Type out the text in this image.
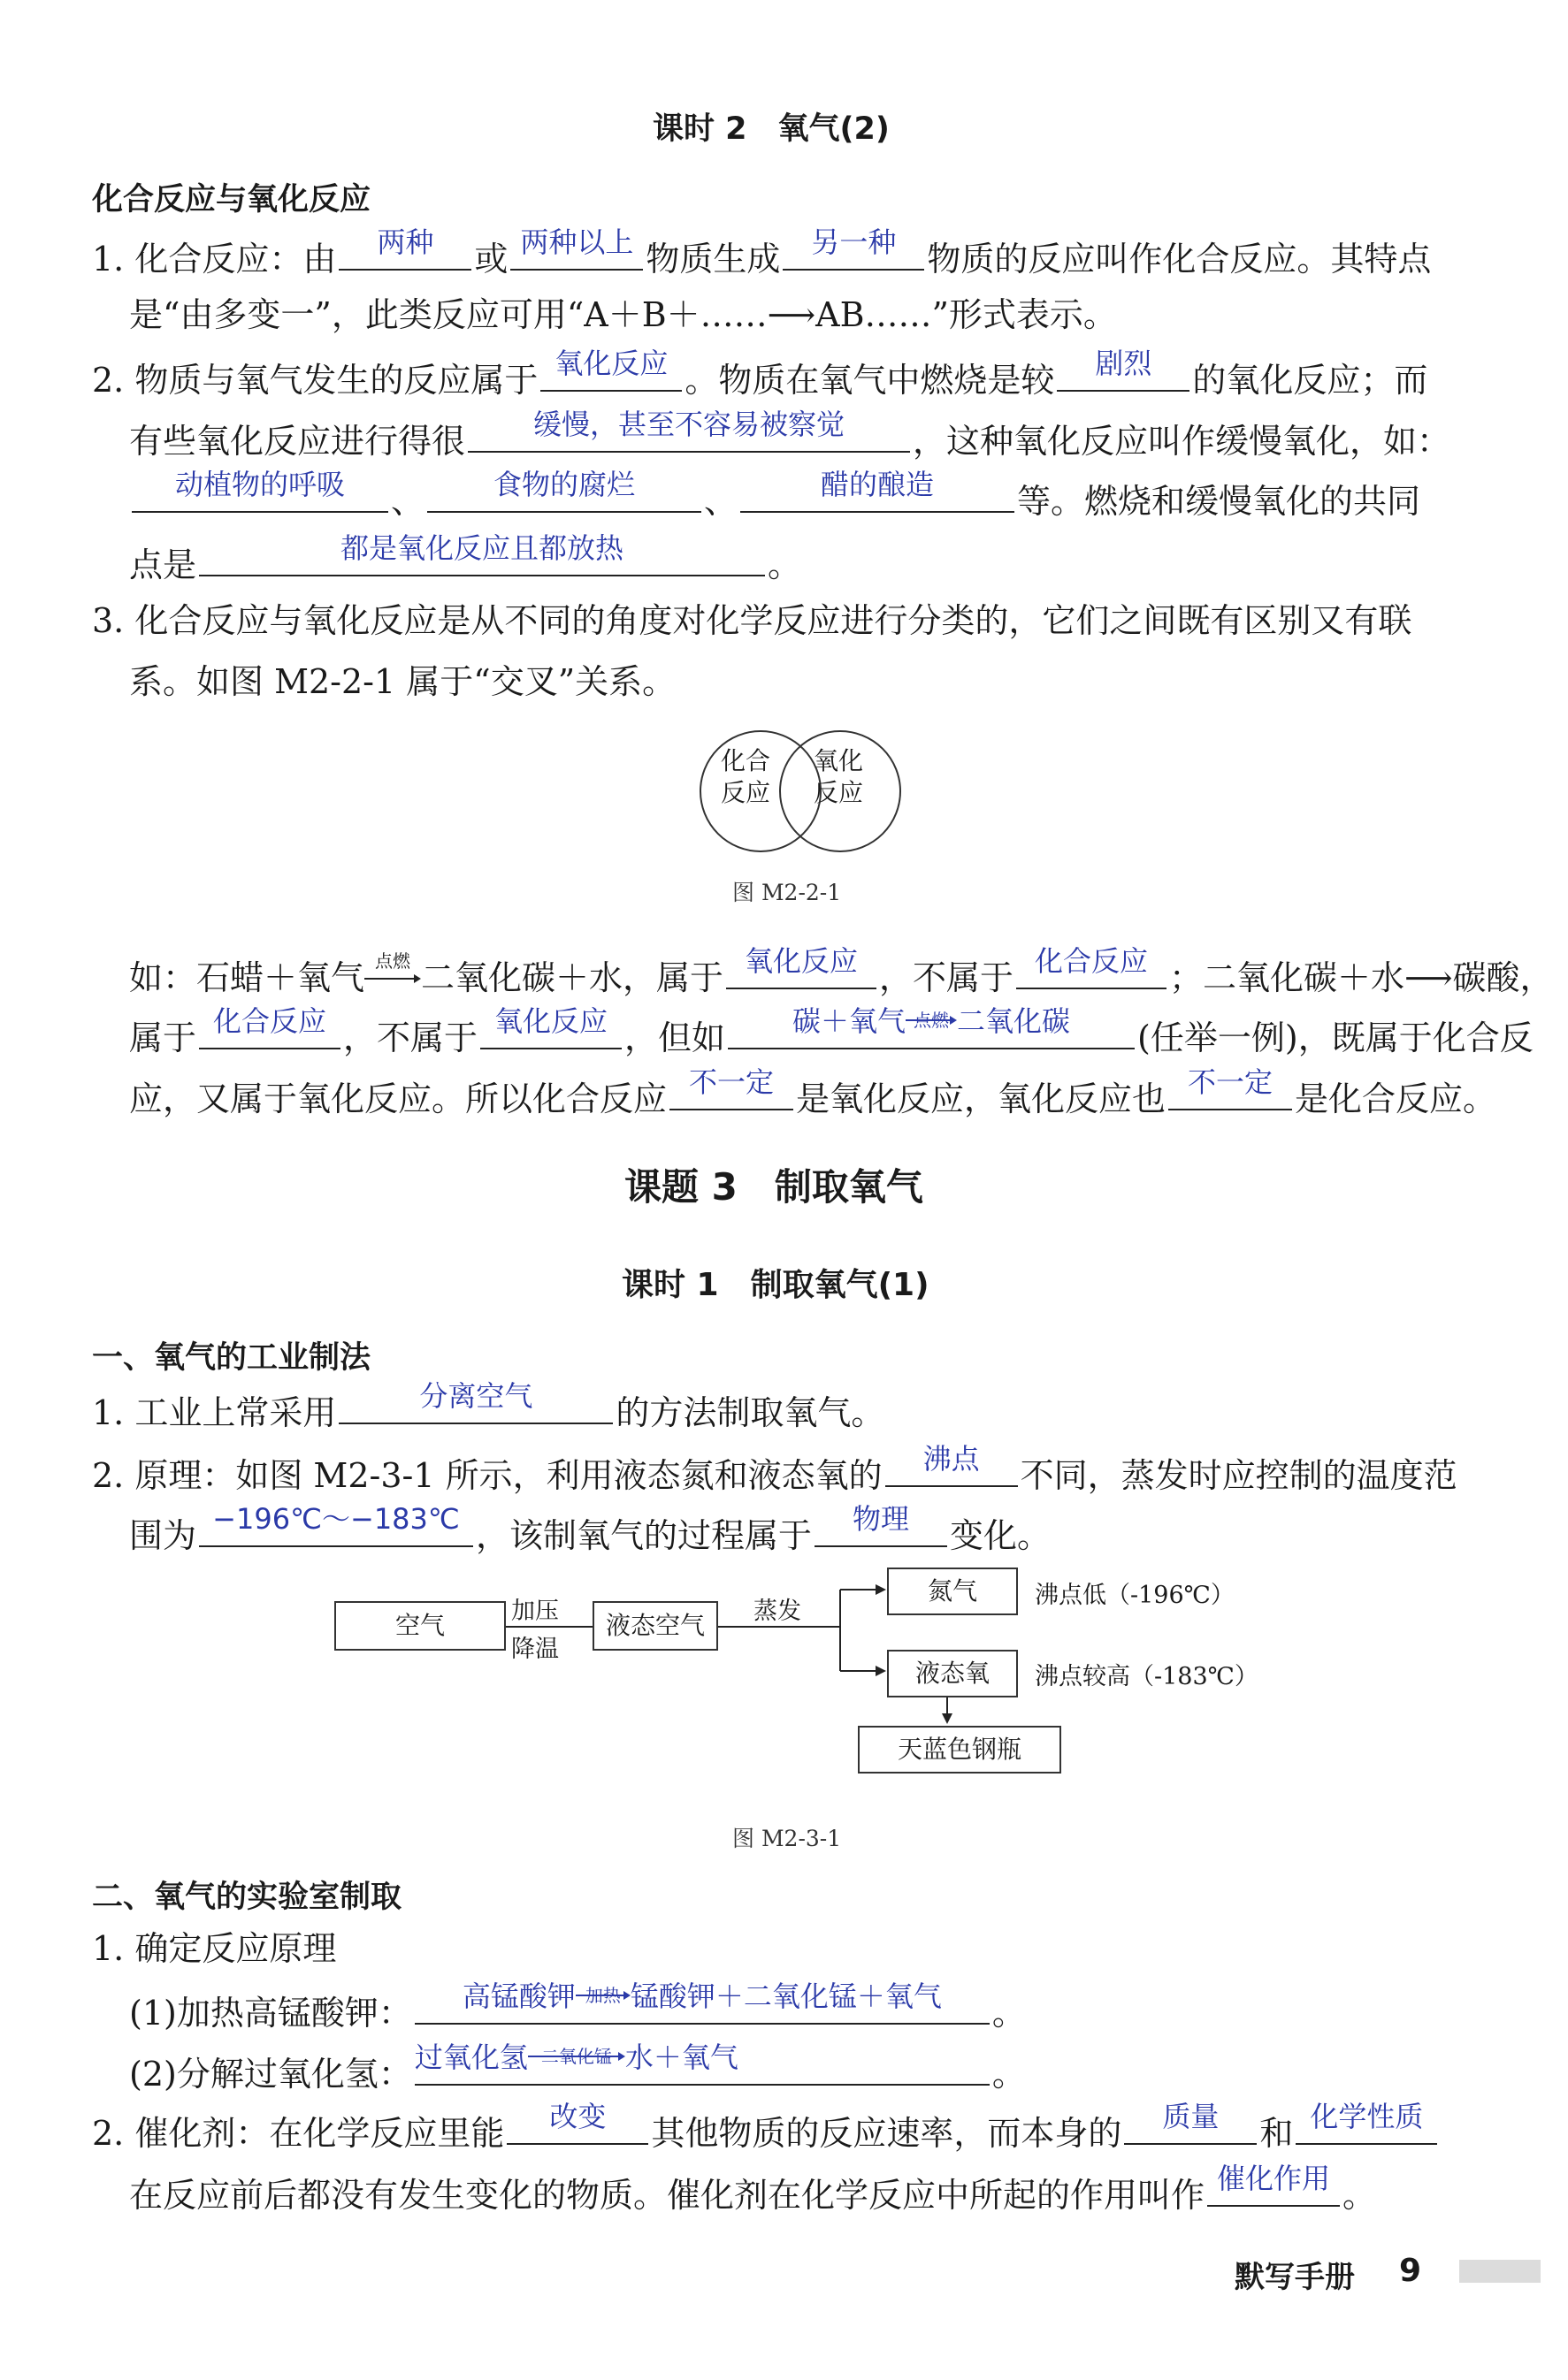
课时 2　氧气(2)
化合反应与氧化反应
1. 化合反应：由	两种	或 两种以上 物质生成	另一种 物质的反应叫作化合反应。其特点
是“由多变一”，此类反应可用“A＋B＋……⟶AB……”形式表示。
2. 物质与氧气发生的反应属于 氧化反应 。物质在氧气中燃烧是较	剧烈	的氧化反应；而
有些氧化反应进行得很	缓慢，甚至不容易被察觉	，这种氧化反应叫作缓慢氧化，如：
动植物的呼吸	、	食物的腐烂	、	醋的酿造	等。燃烧和缓慢氧化的共同
点是	都是氧化反应且都放热	。
3. 化合反应与氧化反应是从不同的角度对化学反应进行分类的，它们之间既有区别又有联
系。如图 M2-2-1 属于“交叉”关系。
化合
反应
氧化
反应
图 M2-2-1
如：石蜡＋氧气 点燃 二氧化碳＋水，属于 氧化反应 ，不属于 化合反应 ；二氧化碳＋水⟶碳酸，
属于 化合反应 ，不属于 氧化反应 ，但如	碳＋氧气 点燃 二氧化碳	(任举一例)，既属于化合反
应，又属于氧化反应。所以化合反应 不一定 是氧化反应，氧化反应也 不一定 是化合反应。
课题 3　制取氧气
课时 1　制取氧气(1)
一、氧气的工业制法
1. 工业上常采用	分离空气	的方法制取氧气。
2. 原理：如图 M2-3-1 所示，利用液态氮和液态氧的	沸点	不同，蒸发时应控制的温度范
围为 −196℃～−183℃ ，该制氧气的过程属于	物理	变化。
空气	加压
降温
液态空气	蒸发
氮气	沸点低（-196℃）
液态氧	沸点较高（-183℃）
天蓝色钢瓶
图 M2-3-1
二、氧气的实验室制取
1. 确定反应原理
(1)加热高锰酸钾：	高锰酸钾 加热 锰酸钾＋二氧化锰＋氧气	。
(2)分解过氧化氢： 过氧化氢 二氧化锰 水＋氧气	。
2. 催化剂：在化学反应里能	改变	其他物质的反应速率，而本身的	质量	和 化学性质
在反应前后都没有发生变化的物质。催化剂在化学反应中所起的作用叫作 催化作用 。
默写手册 9
